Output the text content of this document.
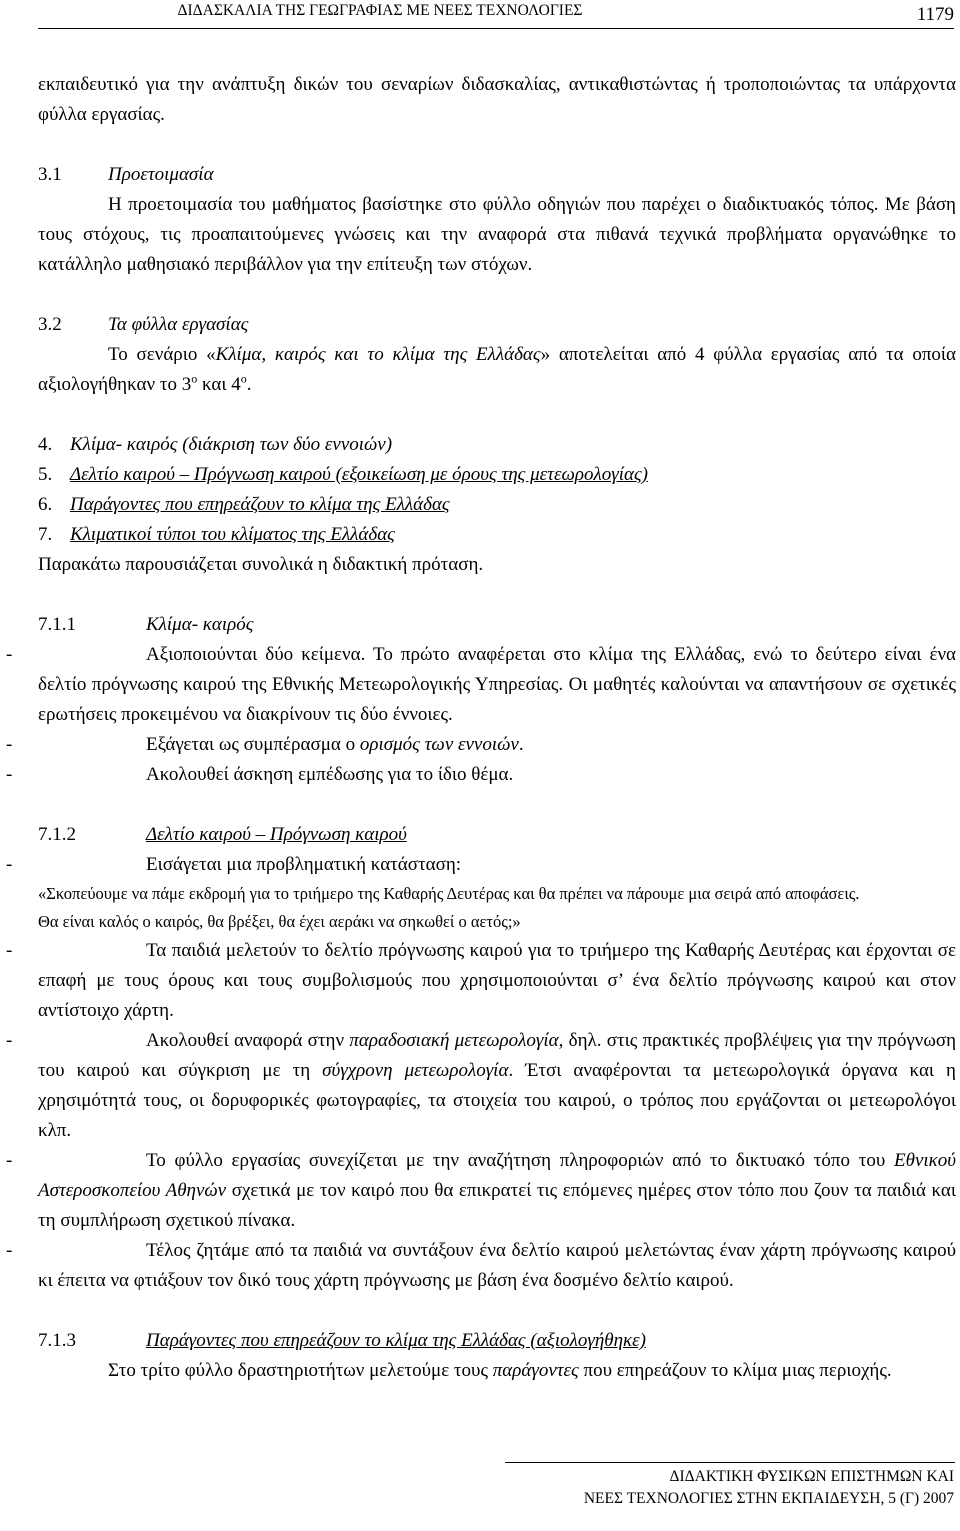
ΔΙΔΑΣΚΑΛΙΑ ΤΗΣ ΓΕΩΓΡΑΦΙΑΣ ΜΕ ΝΕΕΣ ΤΕΧΝΟΛΟΓΙΕΣ	1179

εκπαιδευτικό για την ανάπτυξη δικών του σεναρίων διδασκαλίας, αντικαθιστώντας ή τροποποιώντας τα υπάρχοντα φύλλα εργασίας.

3.1 Προετοιμασία

Η προετοιμασία του μαθήματος βασίστηκε στο φύλλο οδηγιών που παρέχει ο διαδικτυακός τόπος. Με βάση τους στόχους, τις προαπαιτούμενες γνώσεις και την αναφορά στα πιθανά τεχνικά προβλήματα οργανώθηκε το κατάλληλο μαθησιακό περιβάλλον για την επίτευξη των στόχων.

3.2 Τα φύλλα εργασίας

Το σενάριο «Κλίμα, καιρός και το κλίμα της Ελλάδας» αποτελείται από 4 φύλλα εργασίας από τα οποία αξιολογήθηκαν το $3^o$ και $4^o$.

4. Κλίμα- καιρός (διάκριση των δύο εννοιών)

5. Δελτίο καιρού – Πρόγνωση καιρού (εξοικείωση με όρους της μετεωρολογίας)

6. Παράγοντες που επηρεάζουν το κλίμα της Ελλάδας

7. Κλιματικοί τύποι του κλίματος της Ελλάδας

Παρακάτω παρουσιάζεται συνολικά η διδακτική πρόταση.

7.1.1	Κλίμα- καιρός

-	Αξιοποιούνται δύο κείμενα. Το πρώτο αναφέρεται στο κλίμα της Ελλάδας, ενώ το δεύτερο είναι ένα δελτίο πρόγνωσης καιρού της Εθνικής Μετεωρολογικής Υπηρεσίας. Οι μαθητές καλούνται να απαντήσουν σε σχετικές ερωτήσεις προκειμένου να διακρίνουν τις δύο έννοιες.

-	Εξάγεται ως συμπέρασμα ο ορισμός των εννοιών.

-	Ακολουθεί άσκηση εμπέδωσης για το ίδιο θέμα.

7.1.2	Δελτίο καιρού – Πρόγνωση καιρού

-	Εισάγεται μια προβληματική κατάσταση:

«Σκοπεύουμε να πάμε εκδρομή για το τριήμερο της Καθαρής Δευτέρας και θα πρέπει να πάρουμε μια σειρά από αποφάσεις.

Θα είναι καλός ο καιρός, θα βρέξει, θα έχει αεράκι να σηκωθεί ο αετός;»

-	Τα παιδιά μελετούν το δελτίο πρόγνωσης καιρού για το τριήμερο της Καθαρής Δευτέρας και έρχονται σε επαφή με τους όρους και τους συμβολισμούς που χρησιμοποιούνται σ’ ένα δελτίο πρόγνωσης καιρού και στον αντίστοιχο χάρτη.

-	Ακολουθεί αναφορά στην παραδοσιακή μετεωρολογία, δηλ. στις πρακτικές προβλέψεις για την πρόγνωση του καιρού και σύγκριση με τη σύγχρονη μετεωρολογία. Έτσι αναφέρονται τα μετεωρολογικά όργανα και η χρησιμότητά τους, οι δορυφορικές φωτογραφίες, τα στοιχεία του καιρού, ο τρόπος που εργάζονται οι μετεωρολόγοι κλπ.

-	Το φύλλο εργασίας συνεχίζεται με την αναζήτηση πληροφοριών από το δικτυακό τόπο του Εθνικού Αστεροσκοπείου Αθηνών σχετικά με τον καιρό που θα επικρατεί τις επόμενες ημέρες στον τόπο που ζουν τα παιδιά και τη συμπλήρωση σχετικού πίνακα.

-	Τέλος ζητάμε από τα παιδιά να συντάξουν ένα δελτίο καιρού μελετώντας έναν χάρτη πρόγνωσης καιρού κι έπειτα να φτιάξουν τον δικό τους χάρτη πρόγνωσης με βάση ένα δοσμένο δελτίο καιρού.

7.1.3	Παράγοντες που επηρεάζουν το κλίμα της Ελλάδας (αξιολογήθηκε)

Στο τρίτο φύλλο δραστηριοτήτων μελετούμε τους παράγοντες που επηρεάζουν το κλίμα μιας περιοχής.

ΔΙΔΑΚΤΙΚΗ ΦΥΣΙΚΩΝ ΕΠΙΣΤΗΜΩΝ ΚΑΙ
ΝΕΕΣ ΤΕΧΝΟΛΟΓΙΕΣ ΣΤΗΝ ΕΚΠΑΙΔΕΥΣΗ, 5 (Γ) 2007
